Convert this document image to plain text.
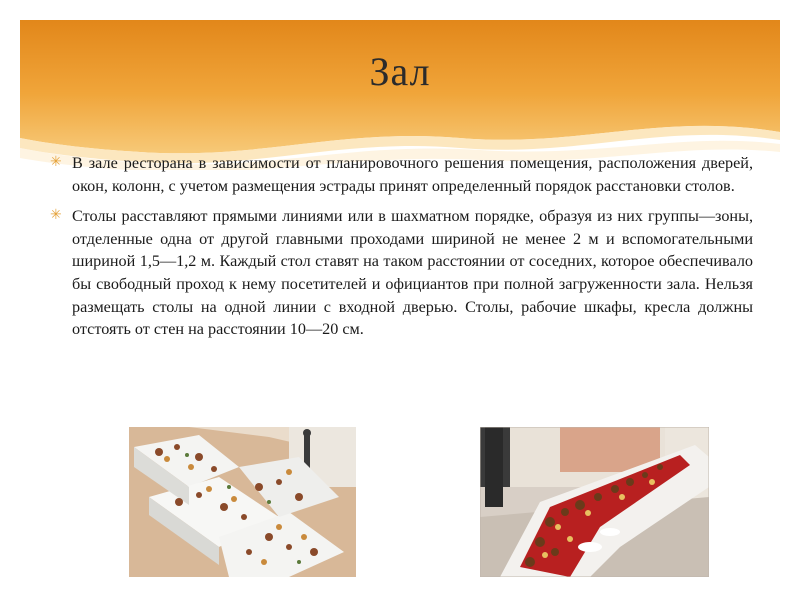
Зал
✳ В зале ресторана в зависимости от планировочного решения помещения, расположения дверей, окон, колонн, с учетом размещения эстрады принят определенный порядок расстановки столов.
✳ Столы расставляют прямыми линиями или в шахматном порядке, образуя из них группы—зоны, отделенные одна от другой главными проходами шириной не менее 2 м и вспомогательными шириной 1,5—1,2 м. Каждый стол ставят на таком расстоянии от соседних, которое обеспечивало бы свободный проход к нему посетителей и официантов при полной загруженности зала. Нельзя размещать столы на одной линии с входной дверью. Столы, рабочие шкафы, кресла должны отстоять от стен на расстоянии 10—20 см.
